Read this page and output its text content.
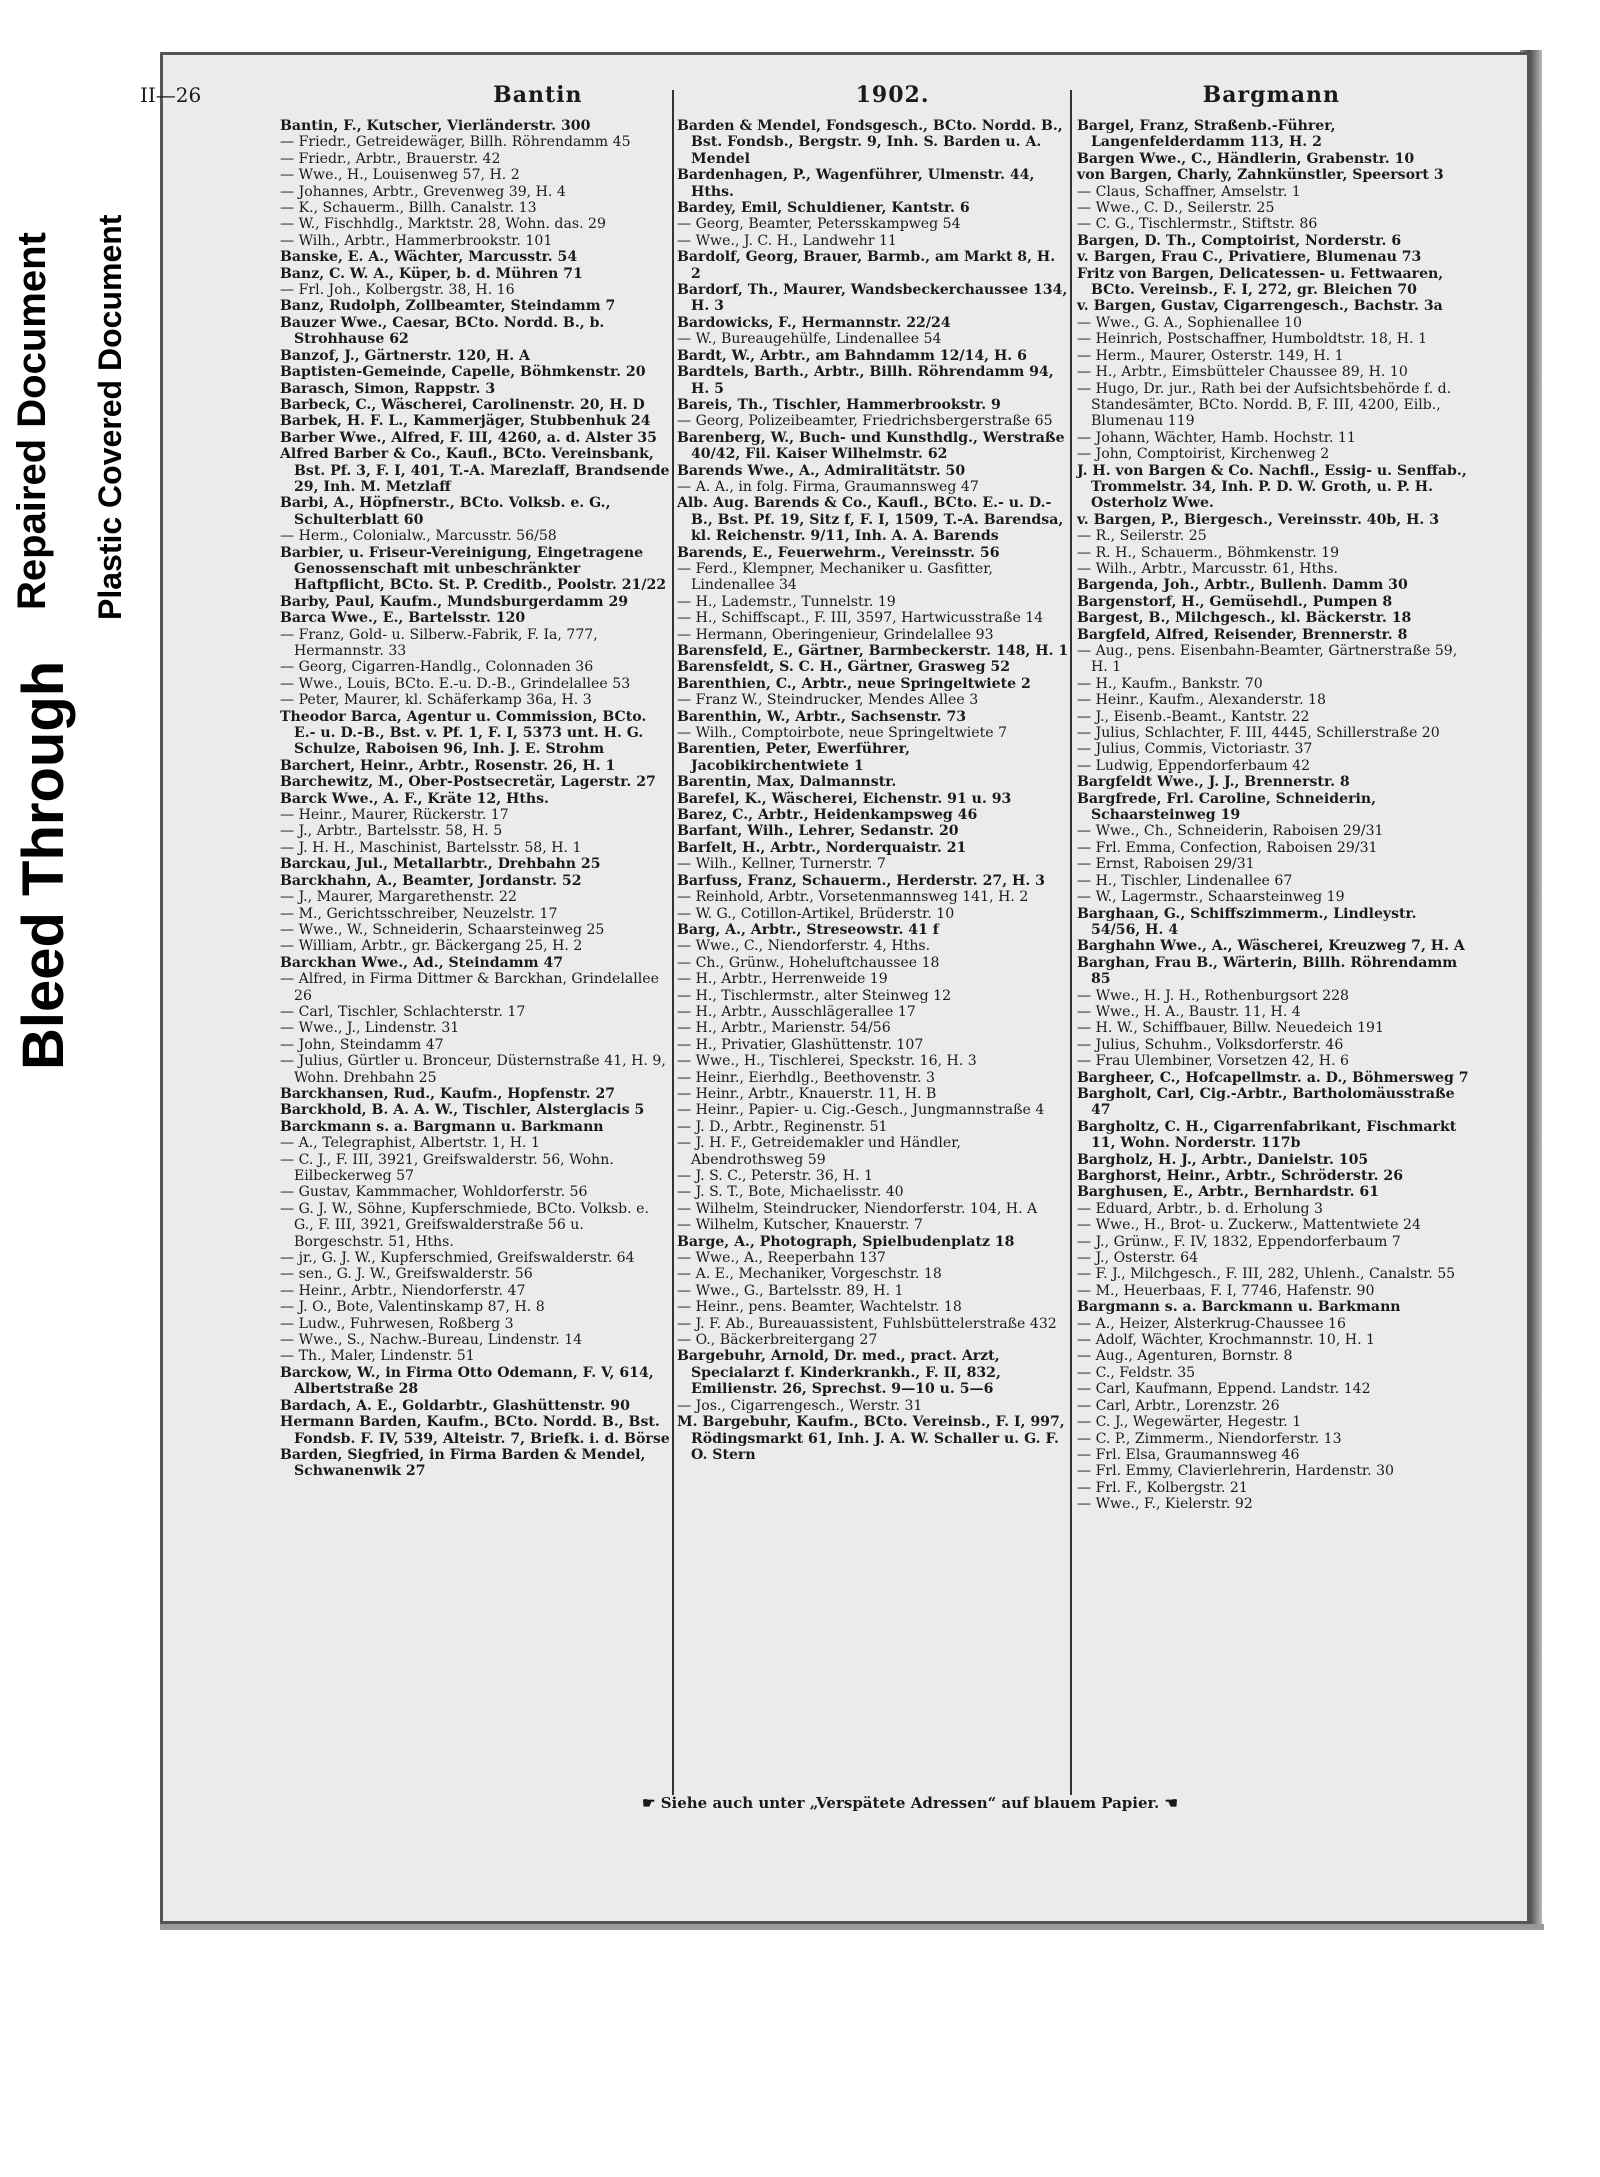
Bleed Through
Repaired Document Plastic Covered Document
II—26	Bantin	1902.	Bargmann
Bantin, F., Kutscher, Vierländerstr. 300
— Friedr., Getreidewäger, Billh. Röhrendamm 45
— Friedr., Arbtr., Brauerstr. 42
— Wwe., H., Louisenweg 57, H. 2
— Johannes, Arbtr., Grevenweg 39, H. 4
— K., Schauerm., Billh. Canalstr. 13
— W., Fischhdlg., Marktstr. 28, Wohn. das. 29
— Wilh., Arbtr., Hammerbrookstr. 101
Banske, E. A., Wächter, Marcusstr. 54
Banz, C. W. A., Küper, b. d. Mühren 71
— Frl. Joh., Kolbergstr. 38, H. 16
Banz, Rudolph, Zollbeamter, Steindamm 7
Bauzer Wwe., Caesar, BCto. Nordd. B., b. Strohhause 62
Banzof, J., Gärtnerstr. 120, H. A
Baptisten-Gemeinde, Capelle, Böhmkenstr. 20
Barasch, Simon, Rappstr. 3
Barbeck, C., Wäscherei, Carolinenstr. 20, H. D
Barbek, H. F. L., Kammerjäger, Stubbenhuk 24
Barber Wwe., Alfred, F. III, 4260, a. d. Alster 35
Alfred Barber & Co., Kaufl., BCto. Vereinsbank, Bst. Pf. 3, F. I, 401, T.-A. Marezlaff, Brandsende 29, Inh. M. Metzlaff
Barbi, A., Höpfnerstr., BCto. Volksb. e. G., Schulterblatt 60
— Herm., Colonialw., Marcusstr. 56/58
Barbier, u. Friseur-Vereinigung, Eingetragene Genossenschaft mit unbeschränkter Haftpflicht, BCto. St. P. Creditb., Poolstr. 21/22
Barby, Paul, Kaufm., Mundsburgerdamm 29
Barca Wwe., E., Bartelsstr. 120
— Franz, Gold- u. Silberw.-Fabrik, F. Ia, 777, Hermannstr. 33
— Georg, Cigarren-Handlg., Colonnaden 36
— Wwe., Louis, BCto. E.-u. D.-B., Grindelallee 53
— Peter, Maurer, kl. Schäferkamp 36a, H. 3
Theodor Barca, Agentur u. Commission, BCto. E.- u. D.-B., Bst. v. Pf. 1, F. I, 5373 unt. H. G. Schulze, Raboisen 96, Inh. J. E. Strohm
Barchert, Heinr., Arbtr., Rosenstr. 26, H. 1
Barchewitz, M., Ober-Postsecretär, Lagerstr. 27
Barck Wwe., A. F., Kräte 12, Hths.
— Heinr., Maurer, Rückerstr. 17
— J., Arbtr., Bartelsstr. 58, H. 5
— J. H. H., Maschinist, Bartelsstr. 58, H. 1
Barckau, Jul., Metallarbtr., Drehbahn 25
Barckhahn, A., Beamter, Jordanstr. 52
— J., Maurer, Margarethenstr. 22
— M., Gerichtsschreiber, Neuzelstr. 17
— Wwe., W., Schneiderin, Schaarsteinweg 25
— William, Arbtr., gr. Bäckergang 25, H. 2
Barckhan Wwe., Ad., Steindamm 47
— Alfred, in Firma Dittmer & Barckhan, Grindelallee 26
— Carl, Tischler, Schlachterstr. 17
— Wwe., J., Lindenstr. 31
— John, Steindamm 47
— Julius, Gürtler u. Bronceur, Düsternstraße 41, H. 9, Wohn. Drehbahn 25
Barckhansen, Rud., Kaufm., Hopfenstr. 27
Barckhold, B. A. A. W., Tischler, Alsterglacis 5
Barckmann s. a. Bargmann u. Barkmann
— A., Telegraphist, Albertstr. 1, H. 1
— C. J., F. III, 3921, Greifswalderstr. 56, Wohn. Eilbeckerweg 57
— Gustav, Kammmacher, Wohldorferstr. 56
— G. J. W., Söhne, Kupferschmiede, BCto. Volksb. e. G., F. III, 3921, Greifswalderstraße 56 u. Borgeschstr. 51, Hths.
— jr., G. J. W., Kupferschmied, Greifswalderstr. 64
— sen., G. J. W., Greifswalderstr. 56
— Heinr., Arbtr., Niendorferstr. 47
— J. O., Bote, Valentinskamp 87, H. 8
— Ludw., Fuhrwesen, Roßberg 3
— Wwe., S., Nachw.-Bureau, Lindenstr. 14
— Th., Maler, Lindenstr. 51
Barckow, W., in Firma Otto Odemann, F. V, 614, Albertstraße 28
Bardach, A. E., Goldarbtr., Glashüttenstr. 90
Hermann Barden, Kaufm., BCto. Nordd. B., Bst. Fondsb. F. IV, 539, Alteistr. 7, Briefk. i. d. Börse
Barden, Siegfried, in Firma Barden & Mendel, Schwanenwik 27
Barden & Mendel, Fondsgesch., BCto. Nordd. B., Bst. Fondsb., Bergstr. 9, Inh. S. Barden u. A. Mendel
Bardenhagen, P., Wagenführer, Ulmenstr. 44, Hths.
Bardey, Emil, Schuldiener, Kantstr. 6
— Georg, Beamter, Petersskampweg 54
— Wwe., J. C. H., Landwehr 11
Bardolf, Georg, Brauer, Barmb., am Markt 8, H. 2
Bardorf, Th., Maurer, Wandsbeckerchaussee 134, H. 3
Bardowicks, F., Hermannstr. 22/24
— W., Bureaugehülfe, Lindenallee 54
Bardt, W., Arbtr., am Bahndamm 12/14, H. 6
Bardtels, Barth., Arbtr., Billh. Röhrendamm 94, H. 5
Bareis, Th., Tischler, Hammerbrookstr. 9
— Georg, Polizeibeamter, Friedrichsbergerstraße 65
Barenberg, W., Buch- und Kunsthdlg., Werstraße 40/42, Fil. Kaiser Wilhelmstr. 62
Barends Wwe., A., Admiralitätstr. 50
— A. A., in folg. Firma, Graumannsweg 47
Alb. Aug. Barends & Co., Kaufl., BCto. E.- u. D.-B., Bst. Pf. 19, Sitz f, F. I, 1509, T.-A. Barendsa, kl. Reichenstr. 9/11, Inh. A. A. Barends
Barends, E., Feuerwehrm., Vereinsstr. 56
— Ferd., Klempner, Mechaniker u. Gasfitter, Lindenallee 34
— H., Lademstr., Tunnelstr. 19
— H., Schiffscapt., F. III, 3597, Hartwicusstraße 14
— Hermann, Oberingenieur, Grindelallee 93
Barensfeld, E., Gärtner, Barmbeckerstr. 148, H. 1
Barensfeldt, S. C. H., Gärtner, Grasweg 52
Barenthien, C., Arbtr., neue Springeltwiete 2
— Franz W., Steindrucker, Mendes Allee 3
Barenthin, W., Arbtr., Sachsenstr. 73
— Wilh., Comptoirbote, neue Springeltwiete 7
Barentien, Peter, Ewerführer, Jacobikirchentwiete 1
Barentin, Max, Dalmannstr.
Barefel, K., Wäscherei, Eichenstr. 91 u. 93
Barez, C., Arbtr., Heidenkampsweg 46
Barfant, Wilh., Lehrer, Sedanstr. 20
Barfelt, H., Arbtr., Norderquaistr. 21
— Wilh., Kellner, Turnerstr. 7
Barfuss, Franz, Schauerm., Herderstr. 27, H. 3
— Reinhold, Arbtr., Vorsetenmannsweg 141, H. 2
— W. G., Cotillon-Artikel, Brüderstr. 10
Barg, A., Arbtr., Streseowstr. 41 f
— Wwe., C., Niendorferstr. 4, Hths.
— Ch., Grünw., Hoheluftchaussee 18
— H., Arbtr., Herrenweide 19
— H., Tischlermstr., alter Steinweg 12
— H., Arbtr., Ausschlägerallee 17
— H., Arbtr., Marienstr. 54/56
— H., Privatier, Glashüttenstr. 107
— Wwe., H., Tischlerei, Speckstr. 16, H. 3
— Heinr., Eierhdlg., Beethovenstr. 3
— Heinr., Arbtr., Knauerstr. 11, H. B
— Heinr., Papier- u. Cig.-Gesch., Jungmannstraße 4
— J. D., Arbtr., Reginenstr. 51
— J. H. F., Getreidemakler und Händler, Abendrothsweg 59
— J. S. C., Peterstr. 36, H. 1
— J. S. T., Bote, Michaelisstr. 40
— Wilhelm, Steindrucker, Niendorferstr. 104, H. A
— Wilhelm, Kutscher, Knauerstr. 7
Barge, A., Photograph, Spielbudenplatz 18
— Wwe., A., Reeperbahn 137
— A. E., Mechaniker, Vorgeschstr. 18
— Wwe., G., Bartelsstr. 89, H. 1
— Heinr., pens. Beamter, Wachtelstr. 18
— J. F. Ab., Bureauassistent, Fuhlsbüttelerstraße 432
— O., Bäckerbreitergang 27
Bargebuhr, Arnold, Dr. med., pract. Arzt, Specialarzt f. Kinderkrankh., F. II, 832, Emilienstr. 26, Sprechst. 9—10 u. 5—6
— Jos., Cigarrengesch., Werstr. 31
M. Bargebuhr, Kaufm., BCto. Vereinsb., F. I, 997, Rödingsmarkt 61, Inh. J. A. W. Schaller u. G. F. O. Stern
Bargel, Franz, Straßenb.-Führer, Langenfelderdamm 113, H. 2
Bargen Wwe., C., Händlerin, Grabenstr. 10
von Bargen, Charly, Zahnkünstler, Speersort 3
— Claus, Schaffner, Amselstr. 1
— Wwe., C. D., Seilerstr. 25
— C. G., Tischlermstr., Stiftstr. 86
Bargen, D. Th., Comptoirist, Norderstr. 6
v. Bargen, Frau C., Privatiere, Blumenau 73
Fritz von Bargen, Delicatessen- u. Fettwaaren, BCto. Vereinsb., F. I, 272, gr. Bleichen 70
v. Bargen, Gustav, Cigarrengesch., Bachstr. 3a
— Wwe., G. A., Sophienallee 10
— Heinrich, Postschaffner, Humboldtstr. 18, H. 1
— Herm., Maurer, Osterstr. 149, H. 1
— H., Arbtr., Eimsbütteler Chaussee 89, H. 10
— Hugo, Dr. jur., Rath bei der Aufsichtsbehörde f. d. Standesämter, BCto. Nordd. B, F. III, 4200, Eilb., Blumenau 119
— Johann, Wächter, Hamb. Hochstr. 11
— John, Comptoirist, Kirchenweg 2
J. H. von Bargen & Co. Nachfl., Essig- u. Senffab., Trommelstr. 34, Inh. P. D. W. Groth, u. P. H. Osterholz Wwe.
v. Bargen, P., Biergesch., Vereinsstr. 40b, H. 3
— R., Seilerstr. 25
— R. H., Schauerm., Böhmkenstr. 19
— Wilh., Arbtr., Marcusstr. 61, Hths.
Bargenda, Joh., Arbtr., Bullenh. Damm 30
Bargenstorf, H., Gemüsehdl., Pumpen 8
Bargest, B., Milchgesch., kl. Bäckerstr. 18
Bargfeld, Alfred, Reisender, Brennerstr. 8
— Aug., pens. Eisenbahn-Beamter, Gärtnerstraße 59, H. 1
— H., Kaufm., Bankstr. 70
— Heinr., Kaufm., Alexanderstr. 18
— J., Eisenb.-Beamt., Kantstr. 22
— Julius, Schlachter, F. III, 4445, Schillerstraße 20
— Julius, Commis, Victoriastr. 37
— Ludwig, Eppendorferbaum 42
Bargfeldt Wwe., J. J., Brennerstr. 8
Bargfrede, Frl. Caroline, Schneiderin, Schaarsteinweg 19
— Wwe., Ch., Schneiderin, Raboisen 29/31
— Frl. Emma, Confection, Raboisen 29/31
— Ernst, Raboisen 29/31
— H., Tischler, Lindenallee 67
— W., Lagermstr., Schaarsteinweg 19
Barghaan, G., Schiffszimmerm., Lindleystr. 54/56, H. 4
Barghahn Wwe., A., Wäscherei, Kreuzweg 7, H. A
Barghan, Frau B., Wärterin, Billh. Röhrendamm 85
— Wwe., H. J. H., Rothenburgsort 228
— Wwe., H. A., Baustr. 11, H. 4
— H. W., Schiffbauer, Billw. Neuedeich 191
— Julius, Schuhm., Volksdorferstr. 46
— Frau Ulembiner, Vorsetzen 42, H. 6
Bargheer, C., Hofcapellmstr. a. D., Böhmersweg 7
Bargholt, Carl, Cig.-Arbtr., Bartholomäusstraße 47
Bargholtz, C. H., Cigarrenfabrikant, Fischmarkt 11, Wohn. Norderstr. 117b
Bargholz, H. J., Arbtr., Danielstr. 105
Barghorst, Heinr., Arbtr., Schröderstr. 26
Barghusen, E., Arbtr., Bernhardstr. 61
— Eduard, Arbtr., b. d. Erholung 3
— Wwe., H., Brot- u. Zuckerw., Mattentwiete 24
— J., Grünw., F. IV, 1832, Eppendorferbaum 7
— J., Osterstr. 64
— F. J., Milchgesch., F. III, 282, Uhlenh., Canalstr. 55
— M., Heuerbaas, F. I, 7746, Hafenstr. 90
Bargmann s. a. Barckmann u. Barkmann
— A., Heizer, Alsterkrug-Chaussee 16
— Adolf, Wächter, Krochmannstr. 10, H. 1
— Aug., Agenturen, Bornstr. 8
— C., Feldstr. 35
— Carl, Kaufmann, Eppend. Landstr. 142
— Carl, Arbtr., Lorenzstr. 26
— C. J., Wegewärter, Hegestr. 1
— C. P., Zimmerm., Niendorferstr. 13
— Frl. Elsa, Graumannsweg 46
— Frl. Emmy, Clavierlehrerin, Hardenstr. 30
— Frl. F., Kolbergstr. 21
— Wwe., F., Kielerstr. 92
☛ Siehe auch unter „Verspätete Adressen“ auf blauem Papier. ☚
